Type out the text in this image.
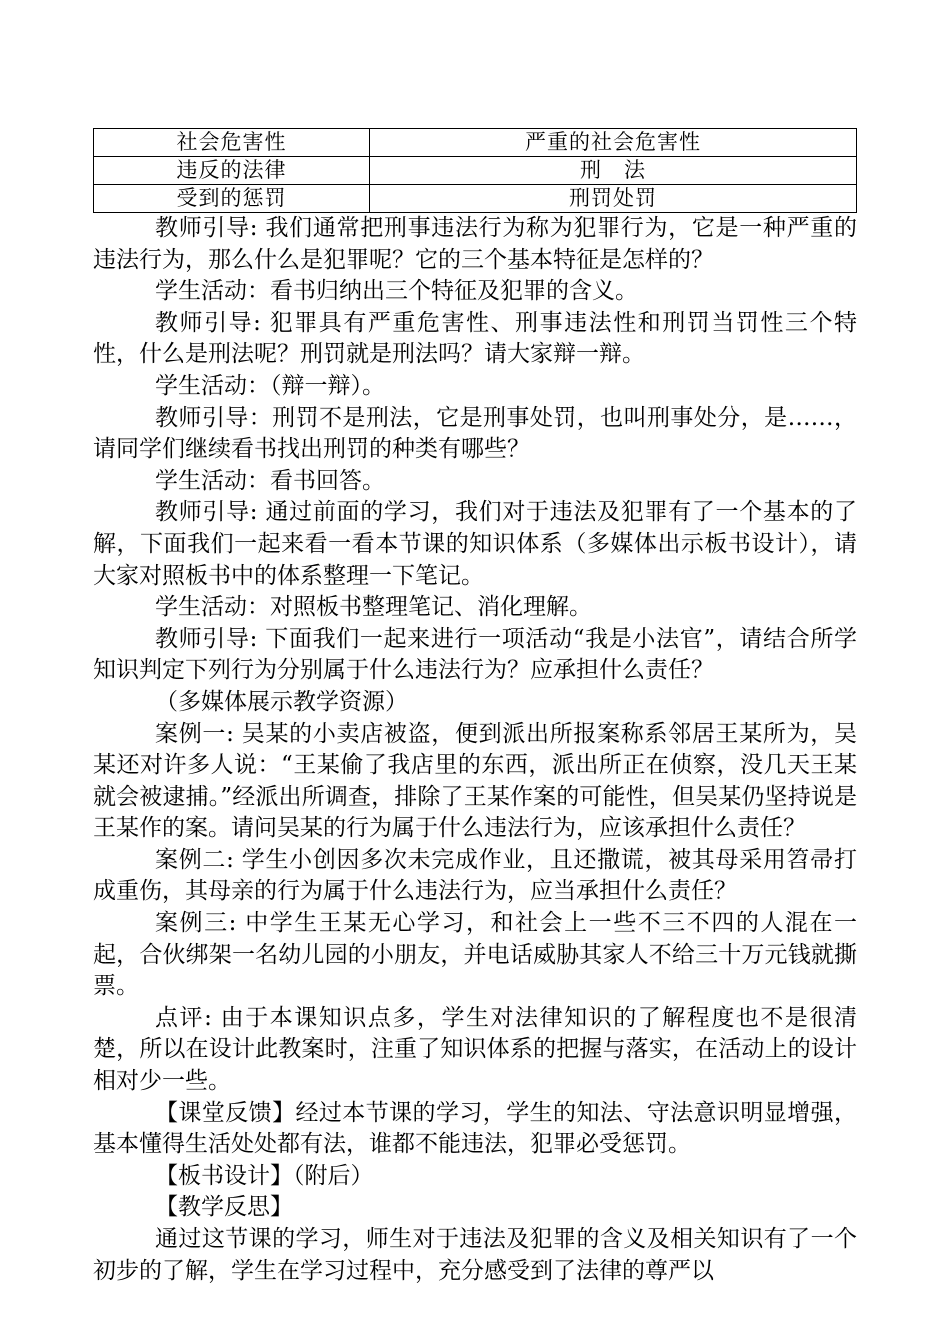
社会危害性	严重的社会危害性
违反的法律	刑　法
受到的惩罚	刑罚处罚

教师引导: 我们通常把刑事违法行为称为犯罪行为，它是一种严重的违法行为，那么什么是犯罪呢？它的三个基本特征是怎样的？

学生活动：看书归纳出三个特征及犯罪的含义。

教师引导: 犯罪具有严重危害性、刑事违法性和刑罚当罚性三个特性，什么是刑法呢？刑罚就是刑法吗？请大家辩一辩。

学生活动：（辩一辩）。

教师引导：刑罚不是刑法，它是刑事处罚，也叫刑事处分，是……，请同学们继续看书找出刑罚的种类有哪些？

学生活动：看书回答。

教师引导: 通过前面的学习，我们对于违法及犯罪有了一个基本的了解，下面我们一起来看一看本节课的知识体系（多媒体出示板书设计），请大家对照板书中的体系整理一下笔记。

学生活动：对照板书整理笔记、消化理解。

教师引导: 下面我们一起来进行一项活动“我是小法官”，请结合所学知识判定下列行为分别属于什么违法行为？应承担什么责任？

（多媒体展示教学资源）

案例一: 吴某的小卖店被盗，便到派出所报案称系邻居王某所为，吴某还对许多人说：“王某偷了我店里的东西，派出所正在侦察，没几天王某就会被逮捕。”经派出所调查，排除了王某作案的可能性，但吴某仍坚持说是王某作的案。请问吴某的行为属于什么违法行为，应该承担什么责任？

案例二: 学生小创因多次未完成作业，且还撒谎，被其母采用笤帚打成重伤，其母亲的行为属于什么违法行为，应当承担什么责任？

案例三: 中学生王某无心学习，和社会上一些不三不四的人混在一起，合伙绑架一名幼儿园的小朋友，并电话威胁其家人不给三十万元钱就撕票。

点评: 由于本课知识点多，学生对法律知识的了解程度也不是很清楚，所以在设计此教案时，注重了知识体系的把握与落实，在活动上的设计相对少一些。

【课堂反馈】经过本节课的学习，学生的知法、守法意识明显增强，基本懂得生活处处都有法，谁都不能违法，犯罪必受惩罚。

【板书设计】（附后）

【教学反思】

通过这节课的学习，师生对于违法及犯罪的含义及相关知识有了一个初步的了解，学生在学习过程中，充分感受到了法律的尊严以
